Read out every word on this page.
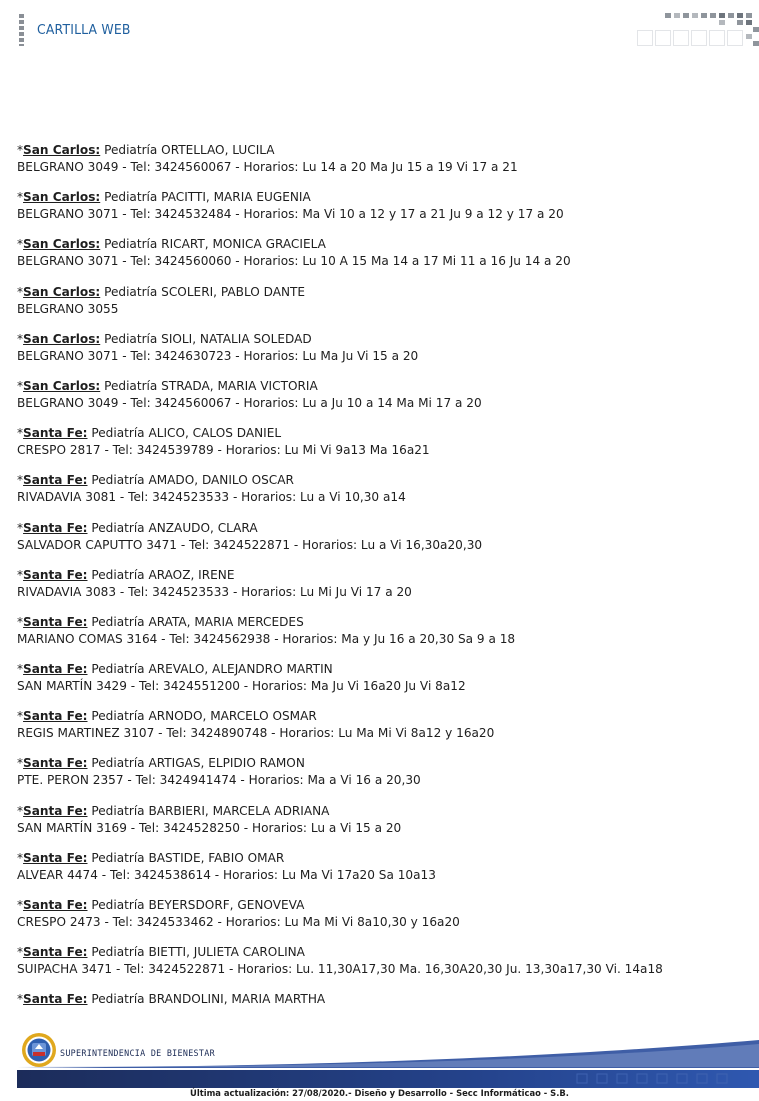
CARTILLA WEB
*San Carlos: Pediatría ORTELLAO, LUCILA
BELGRANO 3049 - Tel: 3424560067 - Horarios: Lu 14 a 20 Ma Ju 15 a 19 Vi 17 a 21
*San Carlos: Pediatría PACITTI, MARIA EUGENIA
BELGRANO 3071 - Tel: 3424532484 - Horarios: Ma Vi 10 a 12 y 17 a 21 Ju 9 a 12 y 17 a 20
*San Carlos: Pediatría RICART, MONICA GRACIELA
BELGRANO 3071 - Tel: 3424560060 - Horarios: Lu 10 A 15 Ma 14 a 17 Mi 11 a 16 Ju 14 a 20
*San Carlos: Pediatría SCOLERI, PABLO DANTE
BELGRANO 3055
*San Carlos: Pediatría SIOLI, NATALIA SOLEDAD
BELGRANO 3071 - Tel: 3424630723 - Horarios: Lu Ma Ju Vi 15 a 20
*San Carlos: Pediatría STRADA, MARIA VICTORIA
BELGRANO 3049 - Tel: 3424560067 - Horarios: Lu a Ju 10 a 14 Ma Mi 17 a 20
*Santa Fe: Pediatría ALICO, CALOS DANIEL
CRESPO 2817 - Tel: 3424539789 - Horarios: Lu Mi Vi 9a13 Ma 16a21
*Santa Fe: Pediatría AMADO, DANILO OSCAR
RIVADAVIA 3081 - Tel: 3424523533 - Horarios: Lu a Vi 10,30 a14
*Santa Fe: Pediatría ANZAUDO, CLARA
SALVADOR CAPUTTO 3471 - Tel: 3424522871 - Horarios: Lu a Vi 16,30a20,30
*Santa Fe: Pediatría ARAOZ, IRENE
RIVADAVIA 3083 - Tel: 3424523533 - Horarios: Lu Mi Ju Vi 17 a 20
*Santa Fe: Pediatría ARATA, MARIA MERCEDES
MARIANO COMAS 3164 - Tel: 3424562938 - Horarios: Ma y Ju 16 a 20,30 Sa 9 a 18
*Santa Fe: Pediatría AREVALO, ALEJANDRO MARTIN
SAN MARTÍN 3429 - Tel: 3424551200 - Horarios: Ma Ju Vi 16a20 Ju Vi 8a12
*Santa Fe: Pediatría ARNODO, MARCELO OSMAR
REGIS MARTINEZ 3107 - Tel: 3424890748 - Horarios: Lu Ma Mi Vi 8a12 y 16a20
*Santa Fe: Pediatría ARTIGAS, ELPIDIO RAMON
PTE. PERON 2357 - Tel: 3424941474 - Horarios: Ma a Vi 16 a 20,30
*Santa Fe: Pediatría BARBIERI, MARCELA ADRIANA
SAN MARTÍN 3169 - Tel: 3424528250 - Horarios: Lu a Vi 15 a 20
*Santa Fe: Pediatría BASTIDE, FABIO OMAR
ALVEAR 4474 - Tel: 3424538614 - Horarios: Lu Ma Vi 17a20 Sa 10a13
*Santa Fe: Pediatría BEYERSDORF, GENOVEVA
CRESPO 2473 - Tel: 3424533462 - Horarios: Lu Ma Mi Vi 8a10,30 y 16a20
*Santa Fe: Pediatría BIETTI, JULIETA CAROLINA
SUIPACHA 3471 - Tel: 3424522871 - Horarios: Lu. 11,30A17,30 Ma. 16,30A20,30 Ju. 13,30a17,30 Vi. 14a18
*Santa Fe: Pediatría BRANDOLINI, MARIA MARTHA
SUPERINTENDENCIA DE BIENESTAR
Última actualización: 27/08/2020.- Diseño y Desarrollo - Secc Informáticao - S.B.
